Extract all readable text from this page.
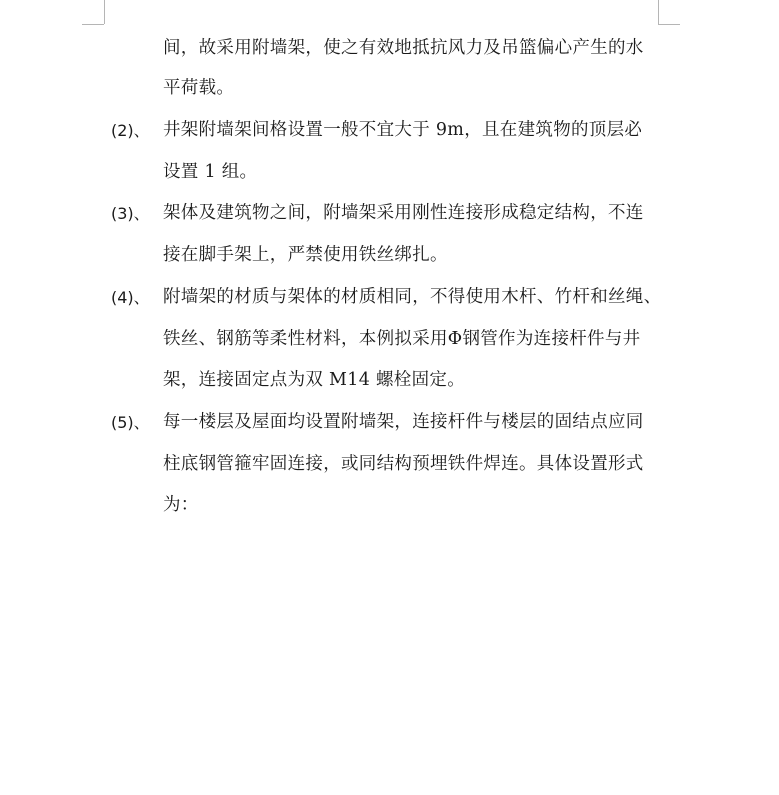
间，故采用附墙架，使之有效地抵抗风力及吊篮偏心产生的水
平荷载。
(2)、 井架附墙架间格设置一般不宜大于 9m，且在建筑物的顶层必
设置 1 组。
(3)、 架体及建筑物之间，附墙架采用刚性连接形成稳定结构，不连
接在脚手架上，严禁使用铁丝绑扎。
(4)、 附墙架的材质与架体的材质相同，不得使用木杆、竹杆和丝绳、
铁丝、钢筋等柔性材料，本例拟采用Φ钢管作为连接杆件与井
架，连接固定点为双 M14 螺栓固定。
(5)、 每一楼层及屋面均设置附墙架，连接杆件与楼层的固结点应同
柱底钢管箍牢固连接，或同结构预埋铁件焊连。具体设置形式
为：
